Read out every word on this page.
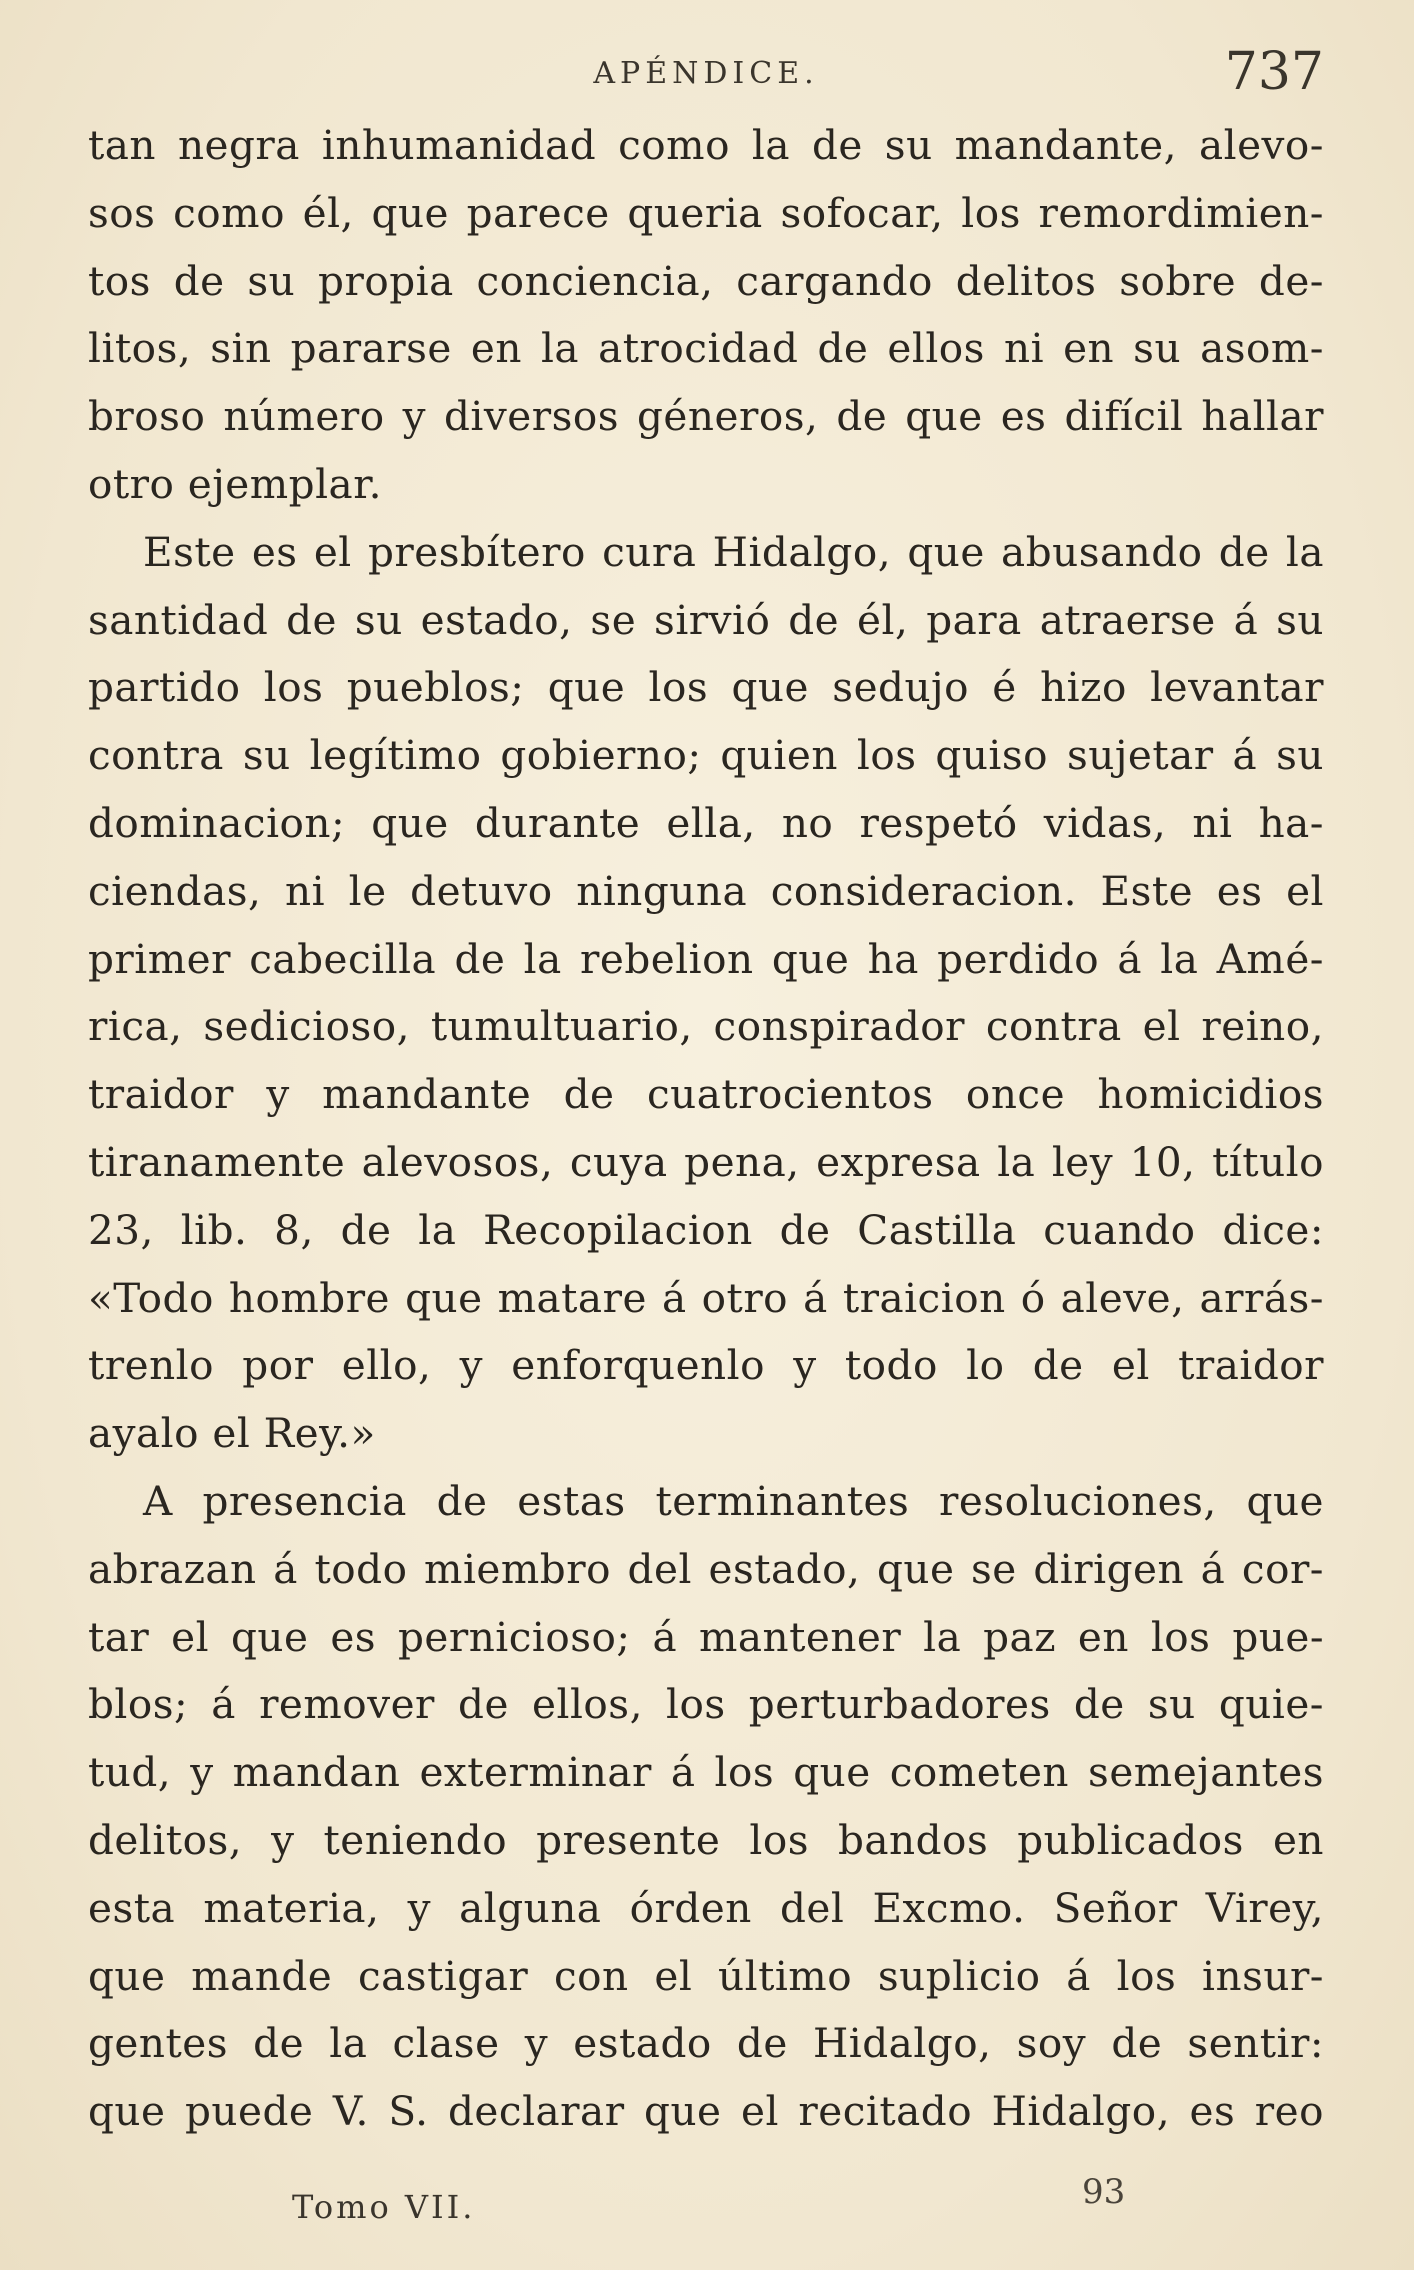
APÉNDICE.	737
tan negra inhumanidad como la de su mandante, alevo-
sos como él, que parece queria sofocar, los remordimien-
tos de su propia conciencia, cargando delitos sobre de-
litos, sin pararse en la atrocidad de ellos ni en su asom-
broso número y diversos géneros, de que es difícil hallar
otro ejemplar.
Este es el presbítero cura Hidalgo, que abusando de la
santidad de su estado, se sirvió de él, para atraerse á su
partido los pueblos; que los que sedujo é hizo levantar
contra su legítimo gobierno; quien los quiso sujetar á su
dominacion; que durante ella, no respetó vidas, ni ha-
ciendas, ni le detuvo ninguna consideracion. Este es el
primer cabecilla de la rebelion que ha perdido á la Amé-
rica, sedicioso, tumultuario, conspirador contra el reino,
traidor y mandante de cuatrocientos once homicidios
tiranamente alevosos, cuya pena, expresa la ley 10, título
23, lib. 8, de la Recopilacion de Castilla cuando dice:
«Todo hombre que matare á otro á traicion ó aleve, arrás-
trenlo por ello, y enforquenlo y todo lo de el traidor
ayalo el Rey.»
A presencia de estas terminantes resoluciones, que
abrazan á todo miembro del estado, que se dirigen á cor-
tar el que es pernicioso; á mantener la paz en los pue-
blos; á remover de ellos, los perturbadores de su quie-
tud, y mandan exterminar á los que cometen semejantes
delitos, y teniendo presente los bandos publicados en
esta materia, y alguna órden del Excmo. Señor Virey,
que mande castigar con el último suplicio á los insur-
gentes de la clase y estado de Hidalgo, soy de sentir:
que puede V. S. declarar que el recitado Hidalgo, es reo
Tomo VII.	93
